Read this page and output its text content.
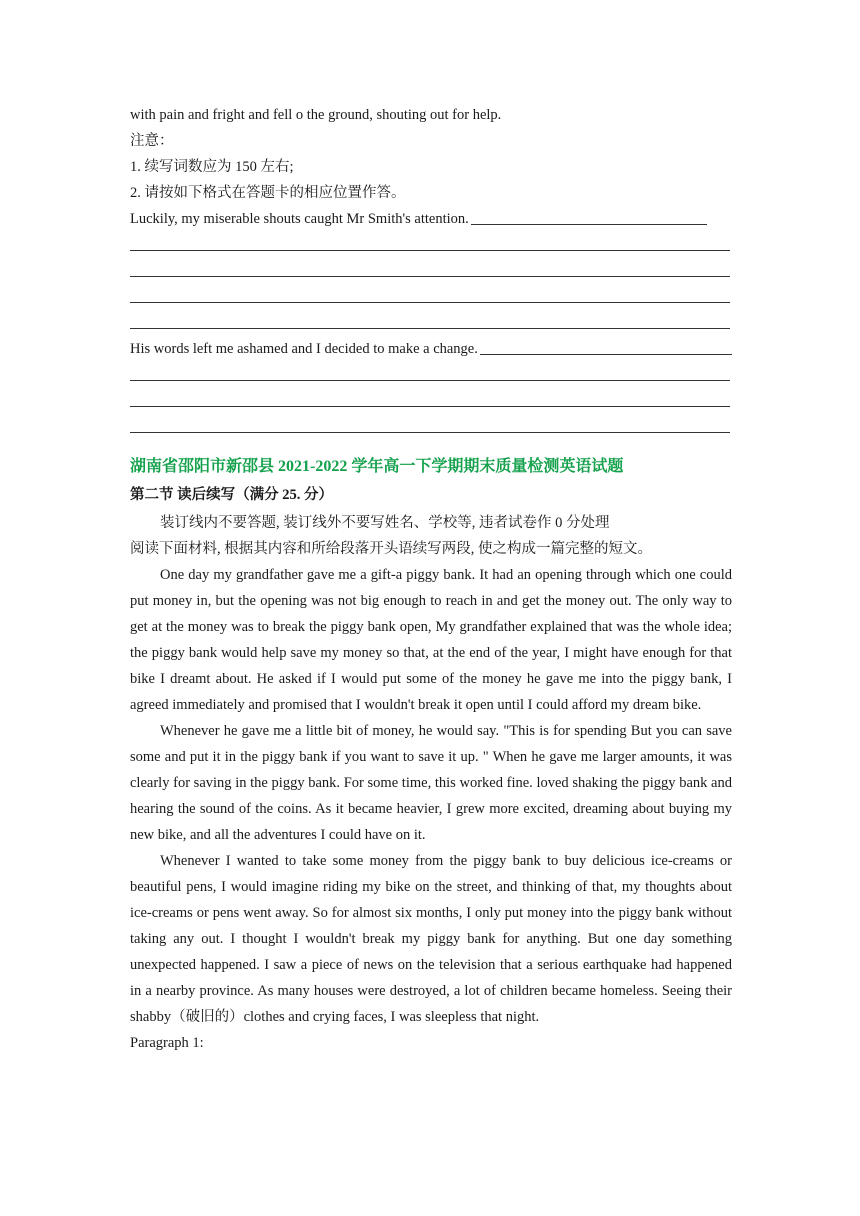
with pain and fright and fell o the ground, shouting out for help.
注意：
1. 续写词数应为 150 左右;
2. 请按如下格式在答题卡的相应位置作答。
Luckily, my miserable shouts caught Mr Smith's attention.
His words left me ashamed and I decided to make a change.
湖南省邵阳市新邵县 2021-2022 学年高一下学期期末质量检测英语试题
第二节 读后续写（满分 25. 分）
装订线内不要答题, 装订线外不要写姓名、学校等, 违者试卷作 0 分处理
阅读下面材料, 根据其内容和所给段落开头语续写两段, 使之构成一篇完整的短文。

One day my grandfather gave me a gift-a piggy bank. It had an opening through which one could put money in, but the opening was not big enough to reach in and get the money out. The only way to get at the money was to break the piggy bank open, My grandfather explained that was the whole idea; the piggy bank would help save my money so that, at the end of the year, I might have enough for that bike I dreamt about. He asked if I would put some of the money he gave me into the piggy bank, I agreed immediately and promised that I wouldn't break it open until I could afford my dream bike.

Whenever he gave me a little bit of money, he would say. "This is for spending But you can save some and put it in the piggy bank if you want to save it up. " When he gave me larger amounts, it was clearly for saving in the piggy bank. For some time, this worked fine. loved shaking the piggy bank and hearing the sound of the coins. As it became heavier, I grew more excited, dreaming about buying my new bike, and all the adventures I could have on it.

Whenever I wanted to take some money from the piggy bank to buy delicious ice-creams or beautiful pens, I would imagine riding my bike on the street, and thinking of that, my thoughts about ice-creams or pens went away. So for almost six months, I only put money into the piggy bank without taking any out. I thought I wouldn't break my piggy bank for anything. But one day something unexpected happened. I saw a piece of news on the television that a serious earthquake had happened in a nearby province. As many houses were destroyed, a lot of children became homeless. Seeing their shabby（破旧的）clothes and crying faces, I was sleepless that night.

Paragraph 1:
